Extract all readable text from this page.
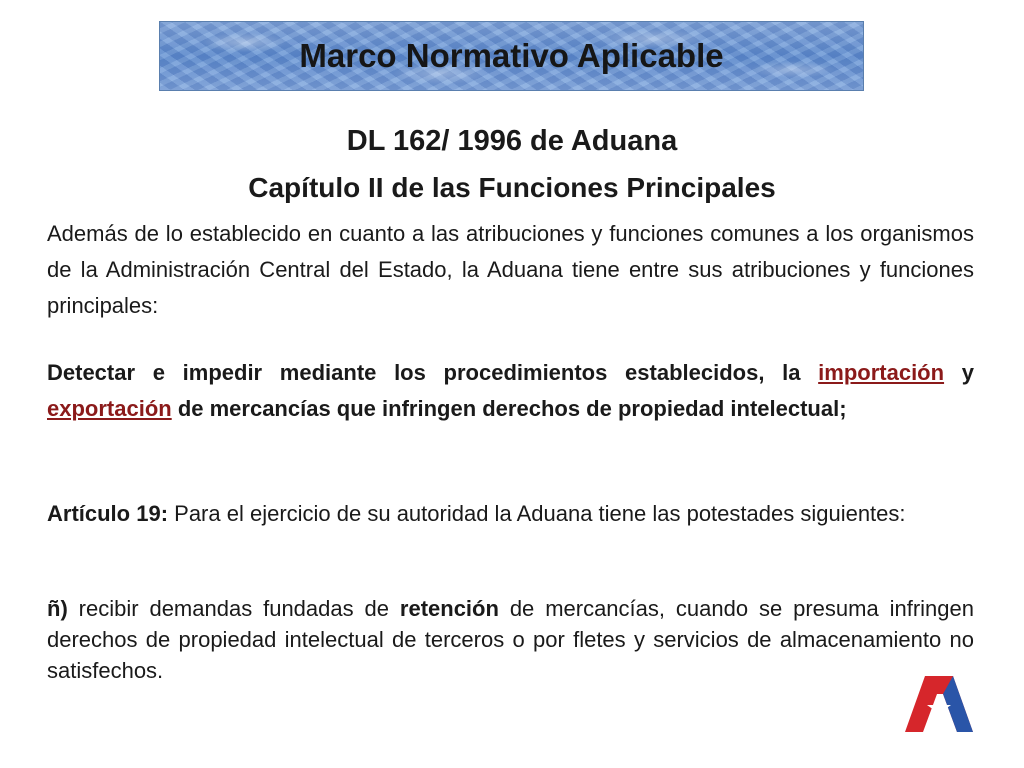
Marco Normativo Aplicable
DL 162/ 1996 de Aduana
Capítulo II de las Funciones Principales
Además de lo establecido en cuanto a las atribuciones y funciones comunes a los organismos de la Administración Central del Estado, la Aduana tiene entre sus atribuciones y funciones principales:
Detectar e impedir mediante los procedimientos establecidos, la importación y exportación de mercancías que infringen derechos de propiedad intelectual;
Artículo 19: Para el ejercicio de su autoridad la Aduana tiene las potestades siguientes:
ñ) recibir demandas fundadas de retención de mercancías, cuando se presuma infringen derechos de propiedad intelectual de terceros o por fletes y servicios de almacenamiento no satisfechos.
